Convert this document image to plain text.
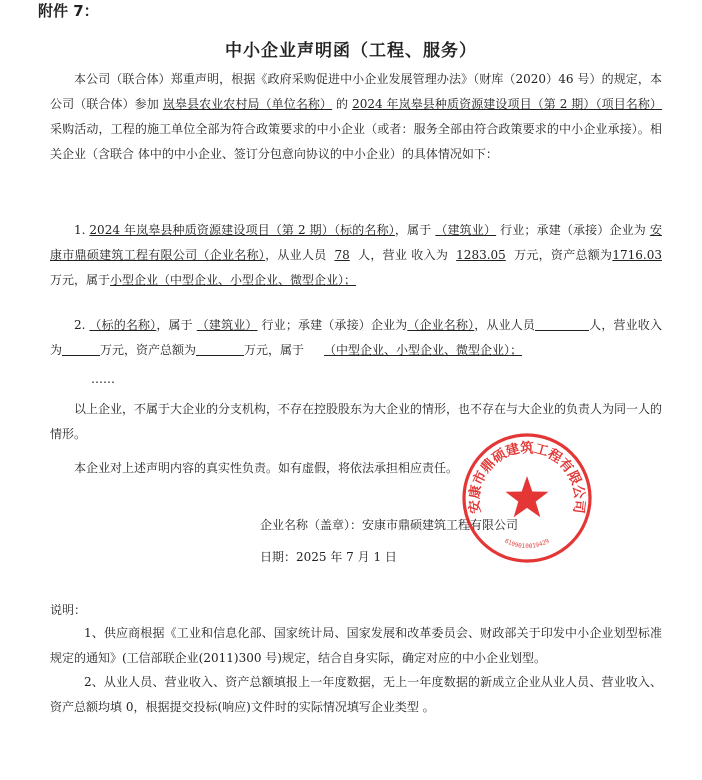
附件 7：
中小企业声明函（工程、服务）
本公司（联合体）郑重声明，根据《政府采购促进中小企业发展管理办法》（财库（2020）46 号）的规定，本公司（联合体）参加 岚皋县农业农村局（单位名称） 的 2024 年岚皋县种质资源建设项目（第 2 期）（项目名称） 采购活动，工程的施工单位全部为符合政策要求的中小企业（或者：服务全部由符合政策要求的中小企业承接）。相关企业（含联合 体中的中小企业、签订分包意向协议的中小企业）的具体情况如下：
1. 2024 年岚皋县种质资源建设项目（第 2 期）（标的名称），属于 （建筑业） 行业；承建（承接）企业为 安康市鼎硕建筑工程有限公司（企业名称），从业人员 78 人，营业 收入为 1283.05 万元，资产总额为1716.03万元，属于小型企业（中型企业、小型企业、微型企业）；
2. （标的名称），属于 （建筑业） 行业；承建（承接）企业为（企业名称），从业人员	人，营业收入为	万元，资产总额为	万元，属于 （中型企业、小型企业、微型企业）；
……
以上企业，不属于大企业的分支机构，不存在控股股东为大企业的情形，也不存在与大企业的负责人为同一人的情形。
本企业对上述声明内容的真实性负责。如有虚假，将依法承担相应责任。
企业名称（盖章）：安康市鼎硕建筑工程有限公司
日期：2025 年 7 月 1 日
安康市鼎硕建筑工程有限公司
6109010019429
说明：
1、供应商根据《工业和信息化部、国家统计局、国家发展和改革委员会、财政部关于印发中小企业划型标准规定的通知》(工信部联企业(2011)300 号)规定，结合自身实际，确定对应的中小企业划型。
2、从业人员、营业收入、资产总额填报上一年度数据，无上一年度数据的新成立企业从业人员、营业收入、资产总额均填 0，根据提交投标(响应)文件时的实际情况填写企业类型 。
